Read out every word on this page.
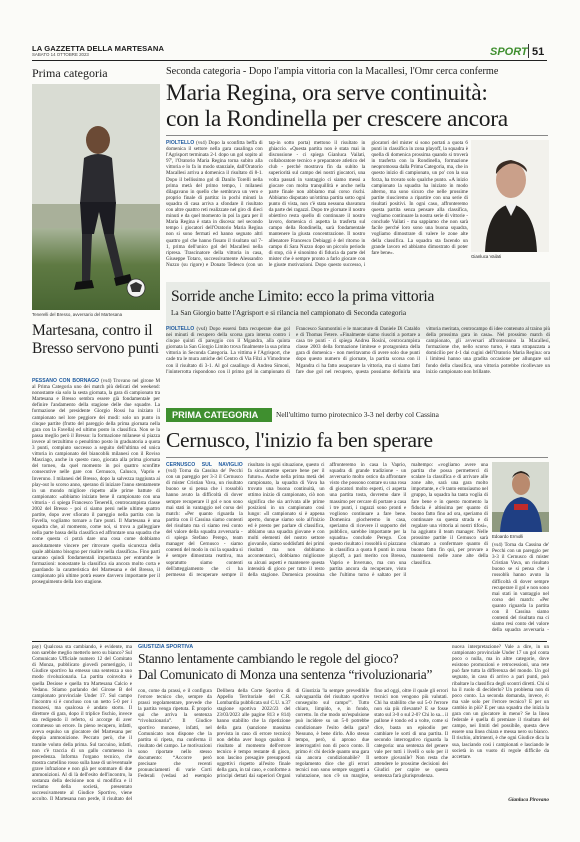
LA GAZZETTA DELLA MARTESANA
SABATO 14 OTTOBRE 2023	SPORT 51
Prima categoria
Tenerelli del Bresso, avversario del Martesana
Martesana, contro il Bresso servono punti
PESSANO CON BORNAGO (vs4) Trovano nel girone M al Prima Categoria uno dei match più delicati del weekend: nonostante sia solo la sesta giornata, la gara di campionato tra Martesana e Bresso sembra essere già fondamentale per definire l'andamento della stagione delle due squadre. La formazione del presidente Giorgio Rossi ha iniziato il campionato nel lore peggiore dei modi: solo un punto in cinque partite (frutto del pareggio della prima giornata nella gara con la Favella) ed ultimo posto in classifica. Non se la passa meglio però il Bresso: la formazione milanese si piazza invece al terzultimo o penultimo posto in graduatoria a quota 3 punti, compiuto successo a seguito dell'ultima ed unica vittoria in campionato del biancoblù milanesi con il Roviso Masciago, anche in questo caso, giocata alla prima giornata del torneo, da quel momento in poi quattro sconfitte consecutive nelle gare con Cernusco, Calusco, Vaprio e Inveruno. I milanesi del Bresso, dopo la salvezza raggiunta ai play-out lo scorso anno, sperano di iniziare l'anno stentamente in un mondo migliore rispetto alle prime battute di campionato: «abbiamo iniziato bene il campionato con una vittoria - ci spiega Francesco Tenerelli, centrocampista classe 2002 del Bresso - poi ci siamo persi nelle ultime quattro partite, dopo aver sfiorato il pareggio nella partita con la Favella, vogliamo tornare a fare punti. Il Martesana è una squadra che, al momento, come noi, si trova a galleggiare nella parte bassa della classifica ed affrontare una squadra che come questa ci potrà dare una cosa come dobbiamo assolutamente vincere per ritrovare quella sicurezza della quale abbiamo bisogno per risalire nella classifica». Fino parti saranno quindi fondamentali importanza per entrambe le formazioni: nonostante la classifica sia ancora molto corta e guardando la caratteristica del Martesana e del Bresso, il campionato più ultime potrà essere davvero importante per il proseguimento della loro stagione.
Seconda categoria - Dopo l'ampia vittoria con la Macallesi, l'Omr cerca conferme
Maria Regina, ora serve continuità:
con la Rondinella per crescere ancora
PIOLTELLO (vs4) Dopo la sconfitta beffa di domenica il settore nella gara casalinga con l'Agrisport terminata 2-1 dopo un gol sopito al 97', l'Oratorio Maria Regina torna subito alla vittoria e lo fa in modo stanziale, dall'Oratorio Macallesi arriva a domenica il risultato di 8-1. Dopo il bellissimo gol di Danilo Torelli nella prima metà del primo tempo, i milanesi dilagavano in quello che sembrava un vero e proprio finale di partita: in pochi minuti la squadra di casa arriva a sfondare il risultato con altre quattro reti realizzate nel giro di dieci minuti e da quel momento in poi la gara per il Maria Regina è stata in discesa: nel secondo tempo i giocatori dell'Oratorio Maria Regina non si sono fermati ed hanno segnato altri quattro gol che hanno fissato il risultato sul 7-1, prima dell'unico gol del Macallesi nella ripresa. Trascinatore della vittoria in casa, Giuseppe Totaro, successivamente Alessandro Nuzzo (su rigore) e Donato Tedesco (con un tap-in sotto porta) mettono il risultato in ghiaccio. «Questa partita non è stata mai in discussione - ci spiega Gianluca Vailati, collaboratore tecnico e preparatore atletico del club - perché mostrava fin da subito la superiorità sul campo dei nostri giocatori, una volta passati in vantaggio ci siamo messi a giocare con molta tranquillità e anche nella parte finale non abbiamo mai corso rischi. Abbiamo disputato un'ottima partita sotto ogni punto di vista, non c'è stata nessuna sbavatura da parte dei ragazzi. Dopo tre giornate il nostro obiettivo resta quello di continuare il nostro lavoro, domenica ci aspetta la trasferta sul campo della Rondinella, sarà fondamentale mantenere la giusta concentrazione. Il nostro allenatore Francesco Debiaggi è del ritorno in campo di Sara Nuzzo dopo un piccolo periodo di stop, ciò è sinonimo di fiducia da parte del mister che è sempre pronto a farlo giocare con le giuste motivazioni. Dopo questo successo, i giocatori del mister si sono portati a quota 6 punti in classifica in zona playoff, la squadra è quella di domenica prossima quando si troverà in trasferta con la Rondinella, formazione neopromossa dalla Prima Categoria, ma, che in questo inizio di campionato, un po' con la sua forza, ha trovato solo qualche punto. «A inizio campionato la squadra ha iniziato in modo alterno, ma sono sicuro che nelle prossime partite riusciremo a ripartire con una serie di risultati positivi. In ogni caso, affronteremo questa partita senza pensare alla classifica, vogliamo continuare la nostra serie di vittorie - conclude Vailati - ma sappiamo che non sarà facile perché loro sono una buona squadra, vogliamo dimostrare di valere le zone alte della classifica. La squadra sta facendo un grande lavoro ed abbiamo dimostrato di poter fare bene».
Gianluca Vailati
Sorride anche Limito: ecco la prima vittoria
La San Giorgio batte l'Agrisport e si rilancia nel campionato di Seconda categoria
PIOLTELLO (vs4) Dopo essersi fatta recuperare due gol nei minuti di recupero della scorsa gara interna contro i cinque quinti di pareggio con il Mgandra, alla quinta giornata la San Giorgio Limito trova finalmente la sua prima vittoria in Seconda Categoria. La vittima è l'Agrisport, che cade tra le mura amiche del Centro di Via Filzi a Vimodrone con il risultato di 3-1. Al gol casalingo di Andrea Simoni, l'ininterrotta rispondono con il primo gol in campionato di Francesco Sanmontini e le marcature di Daniele Di Cataldo e di Thomas Fetere. «Finalmente siamo riusciti a portare a casa tre punti - ci spiega Andrea Rosini, centrocampista classe 2003 della formazione limitese e protagonista della gara di domenica - non meritavamo di avere solo due punti dopo questo numero di giornate, la partita scorsa con il Mgandra ci ha fatto assaporare la vittoria, ma ci siamo fatti fare due gol nel recupero, questa possiamo definirla una vittoria meritata, centrocampo di idee contenuto al traino più della prossima gara in casa». Nel prossimo match di campionato, gli avversari affronteranno la Macallesi, formazione che, nello scorso turno, è stata strapazzata a domicilio per 4-1 dai cugini dell'Oratorio Maria Regina: ora i limitesi hanno una gradita occasione per allungare sul fondo della classifica, una vittoria potrebbe ricollevare un inizio campionato non brillante.
PRIMA CATEGORIA	Nell'ultimo turno pirotecnico 3-3 nel derby col Cassina
Cernusco, l'inizio fa ben sperare
CERNUSCO SUL NAVIGLIO (vs4) Torna da Cassina de' Pecchi con un pareggio per 3-3 il Cernusco di mister Cristian Vava, un risultato buono se si pensa che i rossoblù hanno avuto la difficoltà di dover sempre recuperare il gol e non sono mai stati in vantaggio nel corso del match: «Per quanto riguarda la partita con il Cassina siamo contenti del risultato ma ci siamo resi conto del valore della squadra avversaria - ci spiega Stefano Perego, team manager del Cernusco - siamo contenti del modo in cui la squadra si è sempre dimostrata reattiva, ma sopratutto siamo contenti dell'atteggiamento che ci ha permesso di recuperare sempre il risultato in ogni situazione, questo ci fa sicuramente sperare bene per il futuro». Anche nella prima metà del campionato, la squadra di Vava ha trovato una buona continuità, un ottimo inizio di campionato, ciò non significa che sia arrivata alle prime posizioni in un campionato così lungo: «Il campionato si è appena aperto, dunque siamo solo all'inizio ed è presto per parlare di classifica, abbiamo una squadra giovane e con molti elementi del nostro settore giovanile, siamo soddisfatti dei primi risultati ma non dobbiamo accontentarci, dobbiamo migliorare su alcuni aspetti e mantenere questa intensità di gioco per tutto il resto della stagione. Domenica prossima affronteremo in casa la Vaprio, squadra di grande tradizione - un avversario molto ostico da affrontare visto che possono contare su una rosa di giocatori molto esperti, ci aspetta una partita tosta, dovremo dare il massimo per cercare di portare a casa i tre punti, i ragazzi sono pronti e vogliono continuare a fare bene. Domenica giocheremo in casa, speriamo di ricevere il supporto del pubblico, sarebbe importante per la squadra» conclude Perego. Con questo risultato i rossoblù si piazzano in classifica a quota 8 punti in zona playoff, a pari merito con Bresso, Vaprio e Inveruno, ma con una partita ancora da recuperare, visto che l'ultimo turno è saltato per il maltempo: «vogliamo avere una partita che possa permetterci di scalare la classifica e di arrivare alle zone alte, sarà una gara molto importante, e c'è tanto entusiasmo nel gruppo, la squadra ha tanta voglia di fare bene e in questo momento la fiducia è altissima per quanto di buono fatto fino ad ora, speriamo di continuare su questa strada e di regalare una vittoria ai nostri tifosi», ha aggiunto il team manager. Nelle prossime partite il Cernusco sarà chiamato a confermare quanto di buono fatto fin qui, per provare a mantenersi nelle zone alte della classifica.
Edoardo Ermolli
(vs4) Torna da Cassina de' Pecchi con un pareggio per 3-3 il Cernusco di mister Cristian Vava, un risultato buono se si pensa che i rossoblù hanno avuto la difficoltà di dover sempre recuperare il gol e non sono mai stati in vantaggio nel corso del match: «Per quanto riguarda la partita con il Cassina siamo contenti del risultato ma ci siamo resi conto del valore della squadra avversaria -
pay) Qualcosa sta cambiando, è evidente, ma non sarebbe meglio metterlo nero su bianco? Sul Comunicato Ufficiale numero 12 del Comitato di Monza, pubblicato giovedì pomeriggio, il Giudice sportivo ha emesso una sentenza a suo modo rivoluzionaria. La partita coinvolta è quella Desiose e quella tra Martesana Calcio e Vedano. Stiamo parlando del Girone B del campionato provinciale Under 17. Sul campo l'incontro si è concluso con un netto 5-0 per i monzesi, ma qualcosa è andato storto. Il direttore di gara, dopo il triplice fischio, invece sta redigendo il referto, si accorge di aver commesso un errore. In pieno recupero, infatti, aveva espulso un giocatore del Martesana per doppia ammonizione. Peccato però, che il tramite voluto della prima. Sul taccuino, infatti, non c'è traccia di un gallo commesso in precedenza. Informa l'organo tecnico, che mostra cartellino rosso sulla base di un'eventuale grave infrazione e non già per sommare di due ammonizioni. Al di là dell'esito dell'incontro, la sostanza della decisione non si modifica e il reclamo della società, presentato successivamente al Giudice Sportivo, viene accolto. Il Martesana non perde, il risultato del
GIUSTIZIA SPORTIVA
Stanno lentamente cambiando le regole del gioco?
Dal Comunicato di Monza una sentenza “rivoluzionaria”
con, come da prassi, e il configura l'errore tecnico che, sempre da prassi regolamentare, prevede che la partita venga ripetuta. È proprio qui che arriva la sentenza “rivoluzionaria”. Il Giudice sportivo monzese, infatti, nel Comunicato non dispone che la partita si ripeta, ma conferma il risultato del campo. Le motivazioni sono riportate nello stesso documento: “Accorre però precisare che recenti pronunciamenti di varie Corti Federali (vedasi ad esempio Delibera della Corte Sportiva di Appello Territoriale del C.R. Lombardia pubblicata sul C.U. n.37 stagione sportiva 2022/23 del 23/03/2023 alle pagine 813 e 814) hanno stabilito che la ripetizione della gara (sanzione massima prevista in caso di errore tecnico) non debba aver luogo qualora il risultato al momento dell'errore tecnico è tempo restante di gioco, non lascino presagire presupposti oggettivi rispetto all'esito finale della gara, in tal caso, e conforme a principi dettati dai superiori Organi di Giustizia 'la sempre prevedibile salvaguardia del risultato sportivo conseguito sul campo'”. Tutto chiaro, limpido, e, in fondo, corretto. In che modo un'espulsione può incidere su un 5-0 potrebbe condizionare l'esito della gara? Nessuno, è bene dirlo. Allo stesso tempo, però, si aprono due interrogativi non di poco conto. Il primo è: chi decide quanto una gara sia ancora condizionabile? Il regolamento dice che gli errori tecnici non sono sempre soggetti a valutazione, non c'è un margine, fino ad oggi, oltre il quale gli errori tecnici non vengono più valutati. Chi ha stabilito che sul 5-0 l'errore non sia più rilevante? E se fosse stato sul 3-0 o sul 2-0? Chi lo sa... il pallone è tondo ed a volte, come si dice, basta un episodio per cambiare le sorti di una partita. Il secondo interrogativo riguarda la categoria: una sentenza del genere vale per tutti i livelli o solo per il settore giovanile? Non resta che attendere le prossime decisioni dei Giudici per capire se questa sentenza farà giurisprudenza.
nuova interpretazione? Vale a dire, in un campionato provinciale Under 17 un gol conta poco o nulla, ma in altre categorie, dove esistono promozioni e retrocessioni, una rete può fare tutta la differenza del mondo. Un gol segnato, in caso di arrivo a pari punti, può ribaltare la classifica degli scontri diretti. Chi si ha il ruolo di deciderlo? Un problema non di poco conto. La seconda domanda, invece, è: ma vale solo per l'errore tecnico? E per un cambio in più? E per una squadra che inizia la gara con un giocatore in meno? Se la linea federale è quella di premiare il risultato del campo, nei limiti del possibile, questa deve essere una linea chiara e messa nero su bianco. Il rischio, altrimenti, è che ogni Giudice dica la sua, lasciando così i campionati e lasciando le società in un vuoto di regole difficile da accettare.
Gianluca Pirovano
